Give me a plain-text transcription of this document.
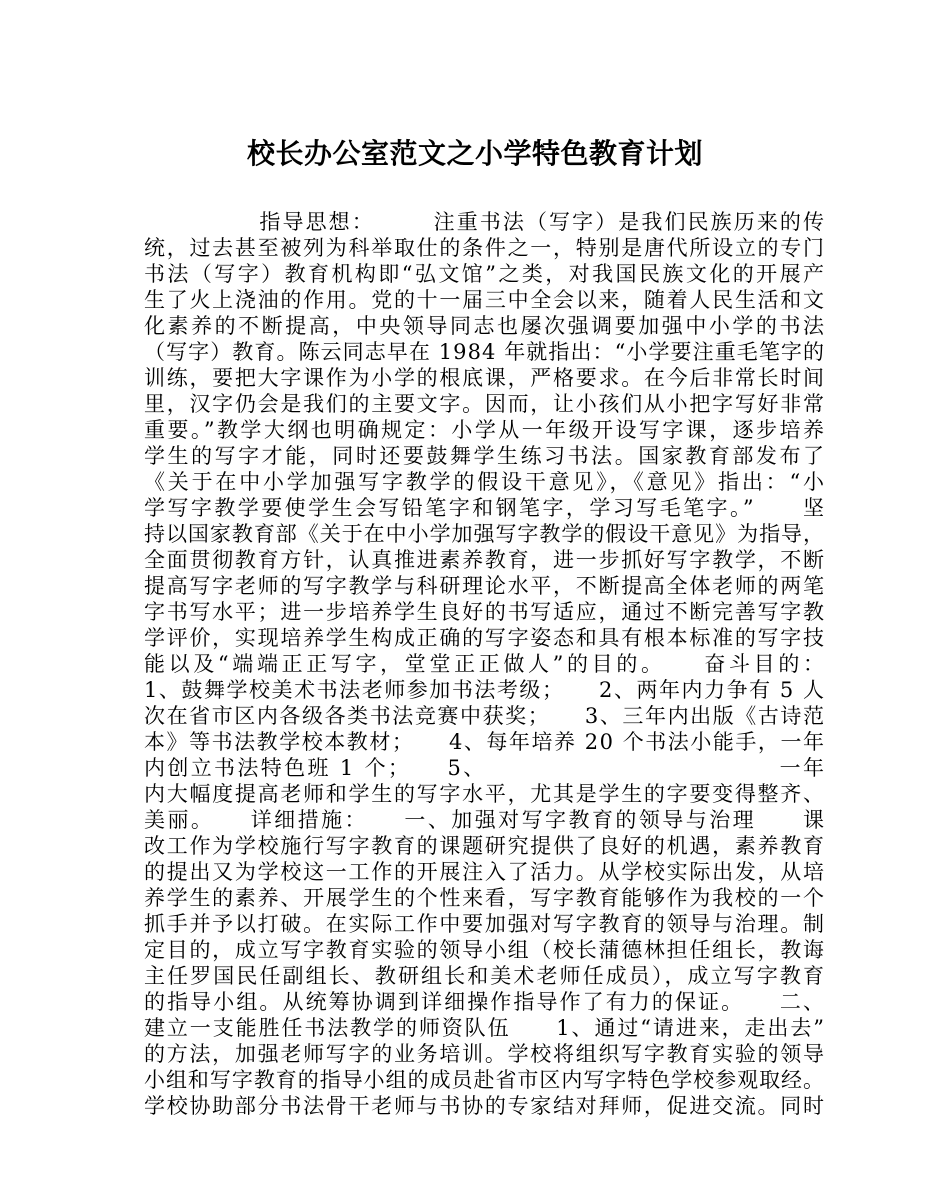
校长办公室范文之小学特色教育计划
　　　　　指导思想：　　　注重书法（写字）是我们民族历来的传
统，过去甚至被列为科举取仕的条件之一，特别是唐代所设立的专门
书法（写字）教育机构即“弘文馆”之类，对我国民族文化的开展产
生了火上浇油的作用。党的十一届三中全会以来，随着人民生活和文
化素养的不断提高，中央领导同志也屡次强调要加强中小学的书法
（写字）教育。陈云同志早在 1984 年就指出：“小学要注重毛笔字的
训练，要把大字课作为小学的根底课，严格要求。在今后非常长时间
里，汉字仍会是我们的主要文字。因而，让小孩们从小把字写好非常
重要。”教学大纲也明确规定：小学从一年级开设写字课，逐步培养
学生的写字才能，同时还要鼓舞学生练习书法。国家教育部发布了
《关于在中小学加强写字教学的假设干意见》，《意见》指出：“小
学写字教学要使学生会写铅笔字和钢笔字，学习写毛笔字。”　　坚
持以国家教育部《关于在中小学加强写字教学的假设干意见》为指导，
全面贯彻教育方针，认真推进素养教育，进一步抓好写字教学，不断
提高写字老师的写字教学与科研理论水平，不断提高全体老师的两笔
字书写水平；进一步培养学生良好的书写适应，通过不断完善写字教
学评价，实现培养学生构成正确的写字姿态和具有根本标准的写字技
能以及“端端正正写字，堂堂正正做人”的目的。　　奋斗目的：
1、鼓舞学校美术书法老师参加书法考级；　　2、两年内力争有 5 人
次在省市区内各级各类书法竞赛中获奖；　　3、三年内出版《古诗范
本》等书法教学校本教材；　　4、每年培养 20 个书法小能手，一年
内创立书法特色班 1 个；　　5、　　　　　　　　　　　　　一年
内大幅度提高老师和学生的写字水平，尤其是学生的字要变得整齐、
美丽。　　详细措施：　　一、加强对写字教育的领导与治理　　课
改工作为学校施行写字教育的课题研究提供了良好的机遇，素养教育
的提出又为学校这一工作的开展注入了活力。从学校实际出发，从培
养学生的素养、开展学生的个性来看，写字教育能够作为我校的一个
抓手并予以打破。在实际工作中要加强对写字教育的领导与治理。制
定目的，成立写字教育实验的领导小组（校长蒲德林担任组长，教诲
主任罗国民任副组长、教研组长和美术老师任成员），成立写字教育
的指导小组。从统筹协调到详细操作指导作了有力的保证。　　二、
建立一支能胜任书法教学的师资队伍　　1、通过“请进来，走出去”
的方法，加强老师写字的业务培训。学校将组织写字教育实验的领导
小组和写字教育的指导小组的成员赴省市区内写字特色学校参观取经。
学校协助部分书法骨干老师与书协的专家结对拜师，促进交流。同时
